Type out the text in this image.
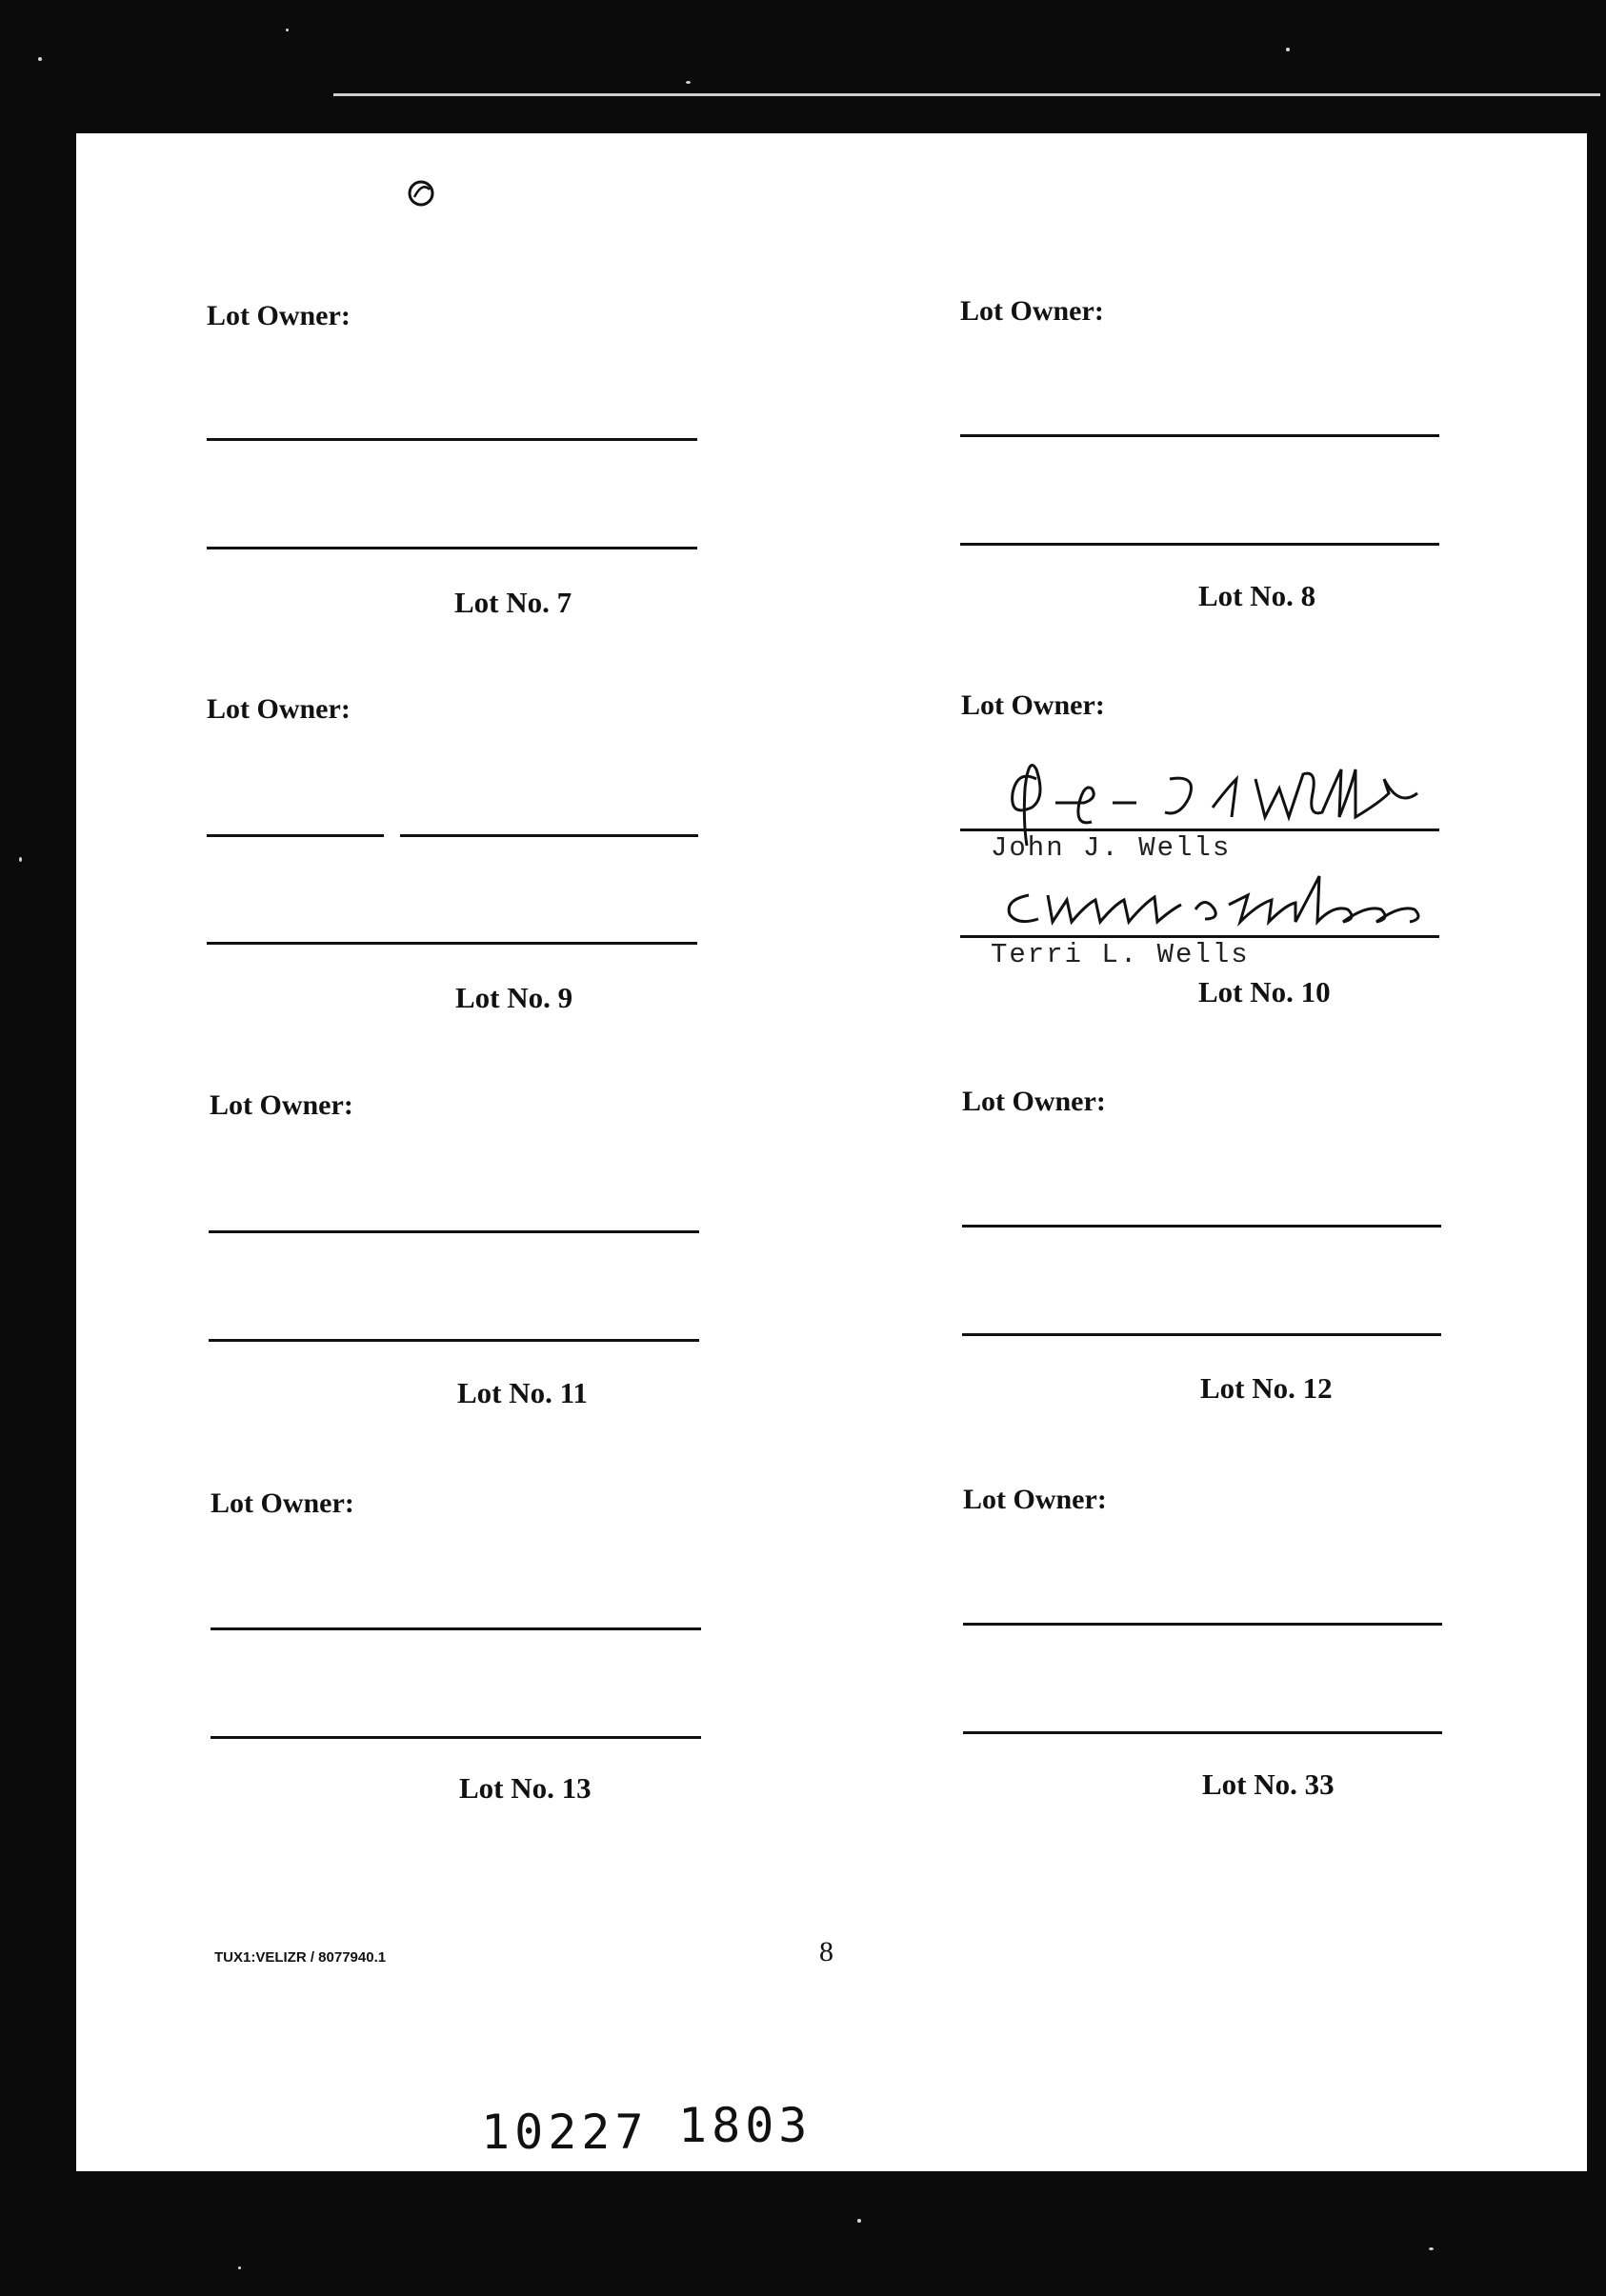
Lot Owner:
Lot No. 7
Lot Owner:
Lot No. 8
Lot Owner:
Lot No. 9
Lot Owner:
John J. Wells
Terri L. Wells
Lot No. 10
Lot Owner:
Lot No. 11
Lot Owner:
Lot No. 12
Lot Owner:
Lot No. 13
Lot Owner:
Lot No. 33
TUX1:VELIZR / 8077940.1	8
10227 1803
